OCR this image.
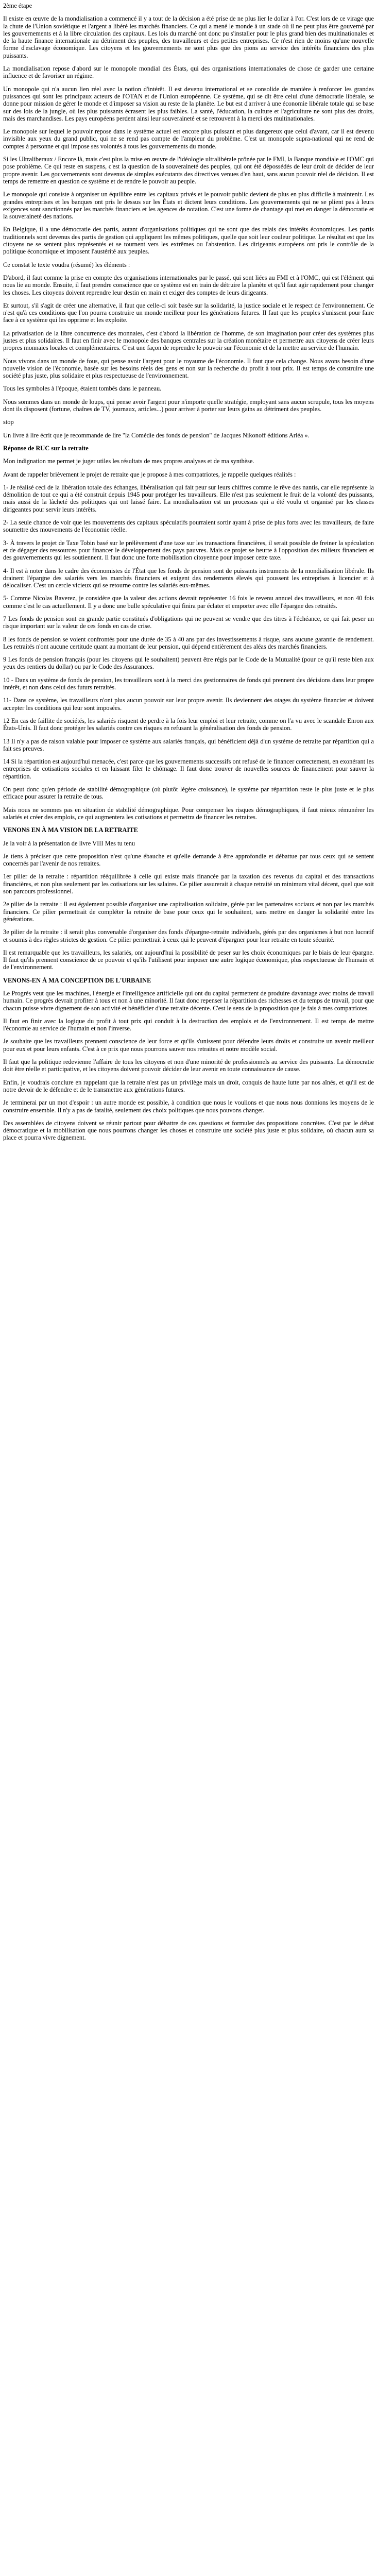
2ème étape

Il existe en œuvre de la mondialisation a commencé il y a tout de la décision a été prise de ne plus lier le dollar à l'or. C'est lors de ce virage que la chute de l'Union soviétique et l'argent a libéré les marchés financiers. Ce qui a mené le monde à un stade où il ne peut plus être gouverné par les gouvernements et à la libre circulation des capitaux. Les lois du marché ont donc pu s'installer pour le plus grand bien des multinationales et de la haute finance internationale au détriment des peuples, des travailleurs et des petites entreprises. Ce n'est rien de moins qu'une nouvelle forme d'esclavage économique. Les citoyens et les gouvernements ne sont plus que des pions au service des intérêts financiers des plus puissants.

La mondialisation repose d'abord sur le monopole mondial des États, qui des organisations internationales de chose de garder une certaine influence et de favoriser un régime.

Un monopole qui n'a aucun lien réel avec la notion d'intérêt. Il est devenu international et se consolide de manière à renforcer les grandes puissances qui sont les principaux acteurs de l'OTAN et de l'Union européenne. Ce système, qui se dit être celui d'une démocratie libérale, se donne pour mission de gérer le monde et d'imposer sa vision au reste de la planète. Le but est d'arriver à une économie libérale totale qui se base sur des lois de la jungle, où les plus puissants écrasent les plus faibles. La santé, l'éducation, la culture et l'agriculture ne sont plus des droits, mais des marchandises. Les pays européens perdent ainsi leur souveraineté et se retrouvent à la merci des multinationales.

Le monopole sur lequel le pouvoir repose dans le système actuel est encore plus puissant et plus dangereux que celui d'avant, car il est devenu invisible aux yeux du grand public, qui ne se rend pas compte de l'ampleur du problème. C'est un monopole supra-national qui ne rend de comptes à personne et qui impose ses volontés à tous les gouvernements du monde.

Si les Ultraliberaux / Encore là, mais c'est plus la mise en œuvre de l'idéologie ultralibérale prônée par le FMI, la Banque mondiale et l'OMC qui pose problème. Ce qui reste en suspens, c'est la question de la souveraineté des peuples, qui ont été dépossédés de leur droit de décider de leur propre avenir. Les gouvernements sont devenus de simples exécutants des directives venues d'en haut, sans aucun pouvoir réel de décision. Il est temps de remettre en question ce système et de rendre le pouvoir au peuple.

Le monopole qui consiste à organiser un équilibre entre les capitaux privés et le pouvoir public devient de plus en plus difficile à maintenir. Les grandes entreprises et les banques ont pris le dessus sur les États et dictent leurs conditions. Les gouvernements qui ne se plient pas à leurs exigences sont sanctionnés par les marchés financiers et les agences de notation. C'est une forme de chantage qui met en danger la démocratie et la souveraineté des nations.

En Belgique, il a une démocratie des partis, autant d'organisations politiques qui ne sont que des relais des intérêts économiques. Les partis traditionnels sont devenus des partis de gestion qui appliquent les mêmes politiques, quelle que soit leur couleur politique. Le résultat est que les citoyens ne se sentent plus représentés et se tournent vers les extrêmes ou l'abstention. Les dirigeants européens ont pris le contrôle de la politique économique et imposent l'austérité aux peuples.

Ce constat le texte voudra (résumé) les éléments :

D'abord, il faut comme la prise en compte des organisations internationales par le passé, qui sont liées au FMI et à l'OMC, qui est l'élément qui nous lie au monde. Ensuite, il faut prendre conscience que ce système est en train de détruire la planète et qu'il faut agir rapidement pour changer les choses. Les citoyens doivent reprendre leur destin en main et exiger des comptes de leurs dirigeants.

Et surtout, s'il s'agit de créer une alternative, il faut que celle-ci soit basée sur la solidarité, la justice sociale et le respect de l'environnement. Ce n'est qu'à ces conditions que l'on pourra construire un monde meilleur pour les générations futures. Il faut que les peuples s'unissent pour faire face à ce système qui les opprime et les exploite.

La privatisation de la libre concurrence des monnaies, c'est d'abord la libération de l'homme, de son imagination pour créer des systèmes plus justes et plus solidaires. Il faut en finir avec le monopole des banques centrales sur la création monétaire et permettre aux citoyens de créer leurs propres monnaies locales et complémentaires. C'est une façon de reprendre le pouvoir sur l'économie et de la mettre au service de l'humain.

Nous vivons dans un monde de fous, qui pense avoir l'argent pour le royaume de l'économie. Il faut que cela change. Nous avons besoin d'une nouvelle vision de l'économie, basée sur les besoins réels des gens et non sur la recherche du profit à tout prix. Il est temps de construire une société plus juste, plus solidaire et plus respectueuse de l'environnement.

Tous les symboles à l'époque, étaient tombés dans le panneau.

Nous sommes dans un monde de loups, qui pense avoir l'argent pour n'importe quelle stratégie, employant sans aucun scrupule, tous les moyens dont ils disposent (fortune, chaînes de TV, journaux, articles...) pour arriver à porter sur leurs gains au détriment des peuples.

stop

Un livre à lire écrit que je recommande de lire "la Comédie des fonds de pension" de Jacques Nikonoff éditions Arléa ».

Réponse de RUC sur la retraite

Mon indignation me permet je juger utiles les résultats de mes propres analyses et de ma synthèse.

Avant de rappeler brièvement le projet de retraite que je propose à mes compatriotes, je rappelle quelques réalités :

1- Je réalisé ceci de la libération totale des échanges, libéralisation qui fait peur sur leurs chiffres comme le rêve des nantis, car elle représente la démolition de tout ce qui a été construit depuis 1945 pour protéger les travailleurs. Elle n'est pas seulement le fruit de la volonté des puissants, mais aussi de la lâcheté des politiques qui ont laissé faire. La mondialisation est un processus qui a été voulu et organisé par les classes dirigeantes pour servir leurs intérêts.

2- La seule chance de voir que les mouvements des capitaux spéculatifs pourraient sortir ayant à prise de plus forts avec les travailleurs, de faire soumettre des mouvements de l'économie réelle.

3- À travers le projet de Taxe Tobin basé sur le prélèvement d'une taxe sur les transactions financières, il serait possible de freiner la spéculation et de dégager des ressources pour financer le développement des pays pauvres. Mais ce projet se heurte à l'opposition des milieux financiers et des gouvernements qui les soutiennent. Il faut donc une forte mobilisation citoyenne pour imposer cette taxe.

4- Il est à noter dans le cadre des économistes de l'État que les fonds de pension sont de puissants instruments de la mondialisation libérale. Ils drainent l'épargne des salariés vers les marchés financiers et exigent des rendements élevés qui poussent les entreprises à licencier et à délocaliser. C'est un cercle vicieux qui se retourne contre les salariés eux-mêmes.

5- Comme Nicolas Baverez, je considère que la valeur des actions devrait représenter 16 fois le revenu annuel des travailleurs, et non 40 fois comme c'est le cas actuellement. Il y a donc une bulle spéculative qui finira par éclater et emporter avec elle l'épargne des retraités.

7 Les fonds de pension sont en grande partie constitués d'obligations qui ne peuvent se vendre que des titres à l'échéance, ce qui fait peser un risque important sur la valeur de ces fonds en cas de crise.

8 les fonds de pension se voient confrontés pour une durée de 35 à 40 ans par des investissements à risque, sans aucune garantie de rendement. Les retraités n'ont aucune certitude quant au montant de leur pension, qui dépend entièrement des aléas des marchés financiers.

9 Les fonds de pension français (pour les citoyens qui le souhaitent) peuvent être régis par le Code de la Mutualité (pour ce qu'il reste bien aux yeux des rentiers du dollar) ou par le Code des Assurances.

10 - Dans un système de fonds de pension, les travailleurs sont à la merci des gestionnaires de fonds qui prennent des décisions dans leur propre intérêt, et non dans celui des futurs retraités.

11- Dans ce système, les travailleurs n'ont plus aucun pouvoir sur leur propre avenir. Ils deviennent des otages du système financier et doivent accepter les conditions qui leur sont imposées.

12 En cas de faillite de sociétés, les salariés risquent de perdre à la fois leur emploi et leur retraite, comme on l'a vu avec le scandale Enron aux États-Unis. Il faut donc protéger les salariés contre ces risques en refusant la généralisation des fonds de pension.

13 Il n'y a pas de raison valable pour imposer ce système aux salariés français, qui bénéficient déjà d'un système de retraite par répartition qui a fait ses preuves.

14 Si la répartition est aujourd'hui menacée, c'est parce que les gouvernements successifs ont refusé de le financer correctement, en exonérant les entreprises de cotisations sociales et en laissant filer le chômage. Il faut donc trouver de nouvelles sources de financement pour sauver la répartition.

On peut donc qu'en période de stabilité démographique (où plutôt légère croissance), le système par répartition reste le plus juste et le plus efficace pour assurer la retraite de tous.

Mais nous ne sommes pas en situation de stabilité démographique. Pour compenser les risques démographiques, il faut mieux rémunérer les salariés et créer des emplois, ce qui augmentera les cotisations et permettra de financer les retraites.

VENONS EN À MA VISION DE LA RETRAITE

Je la voir à la présentation de livre VIII Mes tu tenu

Je tiens à préciser que cette proposition n'est qu'une ébauche et qu'elle demande à être approfondie et débattue par tous ceux qui se sentent concernés par l'avenir de nos retraites.

1er pilier de la retraite : répartition rééquilibrée à celle qui existe mais financée par la taxation des revenus du capital et des transactions financières, et non plus seulement par les cotisations sur les salaires. Ce pilier assurerait à chaque retraité un minimum vital décent, quel que soit son parcours professionnel.

2e pilier de la retraite : Il est également possible d'organiser une capitalisation solidaire, gérée par les partenaires sociaux et non par les marchés financiers. Ce pilier permettrait de compléter la retraite de base pour ceux qui le souhaitent, sans mettre en danger la solidarité entre les générations.

3e pilier de la retraite : il serait plus convenable d'organiser des fonds d'épargne-retraite individuels, gérés par des organismes à but non lucratif et soumis à des règles strictes de gestion. Ce pilier permettrait à ceux qui le peuvent d'épargner pour leur retraite en toute sécurité.

Il est remarquable que les travailleurs, les salariés, ont aujourd'hui la possibilité de peser sur les choix économiques par le biais de leur épargne. Il faut qu'ils prennent conscience de ce pouvoir et qu'ils l'utilisent pour imposer une autre logique économique, plus respectueuse de l'humain et de l'environnement.

VENONS-EN À MA CONCEPTION DE L'URBAINE

Le Progrès veut que les machines, l'énergie et l'intelligence artificielle qui ont du capital permettent de produire davantage avec moins de travail humain. Ce progrès devrait profiter à tous et non à une minorité. Il faut donc repenser la répartition des richesses et du temps de travail, pour que chacun puisse vivre dignement de son activité et bénéficier d'une retraite décente. C'est le sens de la proposition que je fais à mes compatriotes.

Il faut en finir avec la logique du profit à tout prix qui conduit à la destruction des emplois et de l'environnement. Il est temps de mettre l'économie au service de l'humain et non l'inverse.

Je souhaite que les travailleurs prennent conscience de leur force et qu'ils s'unissent pour défendre leurs droits et construire un avenir meilleur pour eux et pour leurs enfants. C'est à ce prix que nous pourrons sauver nos retraites et notre modèle social.

Il faut que la politique redevienne l'affaire de tous les citoyens et non d'une minorité de professionnels au service des puissants. La démocratie doit être réelle et participative, et les citoyens doivent pouvoir décider de leur avenir en toute connaissance de cause.

Enfin, je voudrais conclure en rappelant que la retraite n'est pas un privilège mais un droit, conquis de haute lutte par nos aînés, et qu'il est de notre devoir de le défendre et de le transmettre aux générations futures.

Je terminerai par un mot d'espoir : un autre monde est possible, à condition que nous le voulions et que nous nous donnions les moyens de le construire ensemble. Il n'y a pas de fatalité, seulement des choix politiques que nous pouvons changer.

Des assemblées de citoyens doivent se réunir partout pour débattre de ces questions et formuler des propositions concrètes. C'est par le débat démocratique et la mobilisation que nous pourrons changer les choses et construire une société plus juste et plus solidaire, où chacun aura sa place et pourra vivre dignement.
